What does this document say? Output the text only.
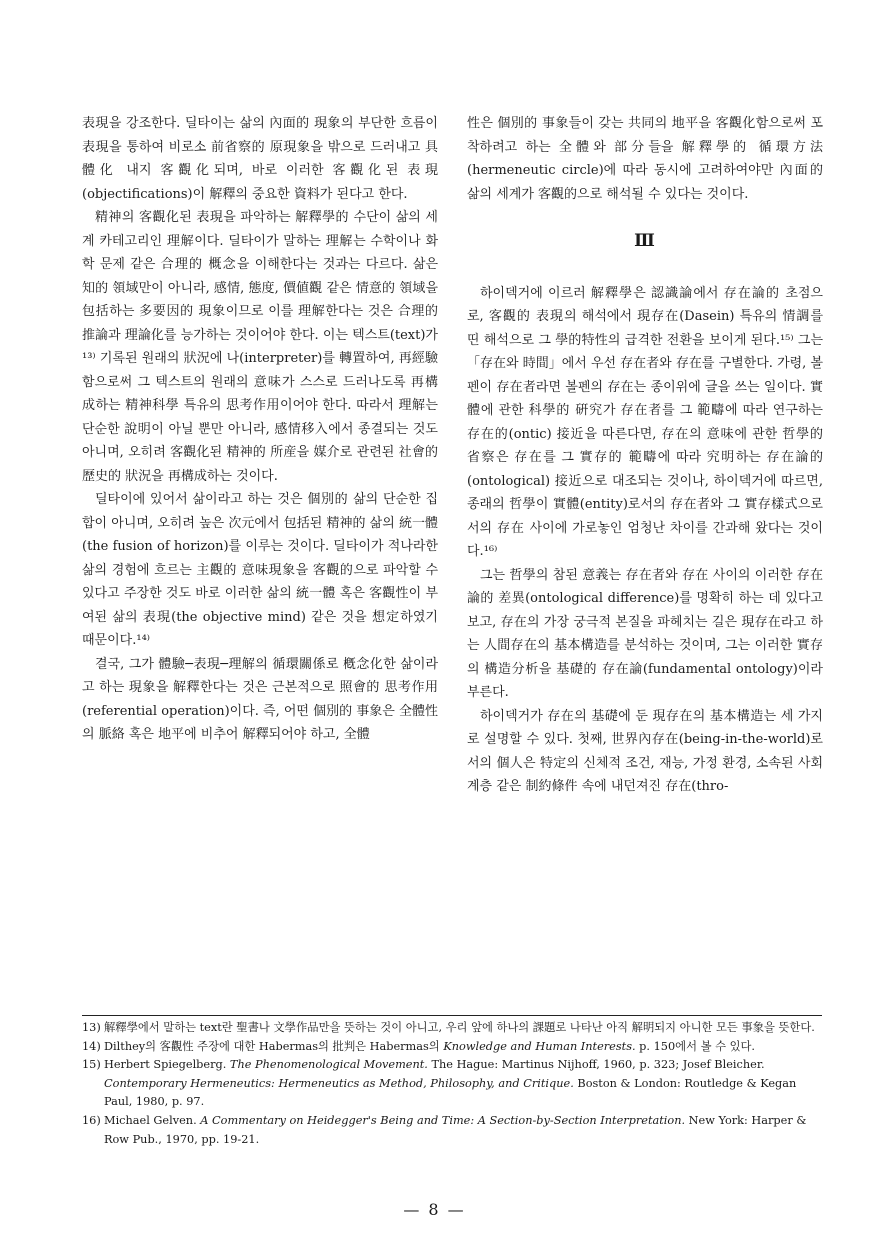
表現을 강조한다. 딜타이는 삶의 內面的 現象의 부단한 흐름이 表現을 통하여 비로소 前省察的 原現象을 밖으로 드러내고 具體化 내지 客觀化되며, 바로 이러한 客觀化된 表現(objectifications)이 解釋의 중요한 資料가 된다고 한다.

精神의 客觀化된 表現을 파악하는 解釋學的 수단이 삶의 세계 카테고리인 理解이다. 딜타이가 말하는 理解는 수학이나 화학 문제 같은 合理的 概念을 이해한다는 것과는 다르다. 삶은 知的 領域만이 아니라, 感情, 態度, 價値觀 같은 情意的 領域을 包括하는 多要因的 現象이므로 이를 理解한다는 것은 合理的 推論과 理論化를 능가하는 것이어야 한다. 이는 텍스트(text)가¹³⁾ 기록된 원래의 狀況에 나(interpreter)를 轉置하여, 再經驗함으로써 그 텍스트의 원래의 意味가 스스로 드러나도록 再構成하는 精神科學 특유의 思考作用이어야 한다. 따라서 理解는 단순한 說明이 아닐 뿐만 아니라, 感情移入에서 종결되는 것도 아니며, 오히려 客觀化된 精神的 所産을 媒介로 관련된 社會的 歷史的 狀況을 再構成하는 것이다.

딜타이에 있어서 삶이라고 하는 것은 個別的 삶의 단순한 집합이 아니며, 오히려 높은 次元에서 包括된 精神的 삶의 統一體(the fusion of horizon)를 이루는 것이다. 딜타이가 적나라한 삶의 경험에 흐르는 主觀的 意味現象을 客觀的으로 파악할 수 있다고 주장한 것도 바로 이러한 삶의 統一體 혹은 客觀性이 부여된 삶의 表現(the objective mind) 같은 것을 想定하였기 때문이다.¹⁴⁾

결국, 그가 體驗─表現─理解의 循環關係로 槪念化한 삶이라고 하는 現象을 解釋한다는 것은 근본적으로 照會的 思考作用(referential operation)이다. 즉, 어떤 個別的 事象은 全體性의 脈絡 혹은 地平에 비추어 解釋되어야 하고, 全體

性은 個別的 事象들이 갖는 共同의 地平을 客觀化함으로써 포착하려고 하는 全體와 部分들을 解釋學的 循環方法(hermeneutic circle)에 따라 동시에 고려하여야만 內面的 삶의 세계가 客觀的으로 해석될 수 있다는 것이다.

Ⅲ

하이덱거에 이르러 解釋學은 認識論에서 存在論的 초점으로, 客觀的 表現의 해석에서 現存在(Dasein) 특유의 情調를 띤 해석으로 그 學的特性의 급격한 전환을 보이게 된다.¹⁵⁾ 그는「存在와 時間」에서 우선 存在者와 存在를 구별한다. 가령, 볼펜이 存在者라면 볼펜의 存在는 종이위에 글을 쓰는 일이다. 實體에 관한 科學的 硏究가 存在者를 그 範疇에 따라 연구하는 存在的(ontic) 接近을 따른다면, 存在의 意味에 관한 哲學的 省察은 存在를 그 實存的 範疇에 따라 究明하는 存在論的(ontological) 接近으로 대조되는 것이나, 하이덱거에 따르면, 종래의 哲學이 實體(entity)로서의 存在者와 그 實存樣式으로서의 存在 사이에 가로놓인 엄청난 차이를 간과해 왔다는 것이다.¹⁶⁾

그는 哲學의 참된 意義는 存在者와 存在 사이의 이러한 存在論的 差異(ontological difference)를 명확히 하는 데 있다고 보고, 存在의 가장 궁극적 본질을 파헤치는 길은 現存在라고 하는 人間存在의 基本構造를 분석하는 것이며, 그는 이러한 實存의 構造分析을 基礎的 存在論(fundamental ontology)이라 부른다.

하이덱거가 存在의 基礎에 둔 現存在의 基本構造는 세 가지로 설명할 수 있다. 첫째, 世界內存在(being-in-the-world)로서의 個人은 特定의 신체적 조건, 재능, 가정 환경, 소속된 사회 계층 같은 制約條件 속에 내던져진 存在(thro-

13) 解釋學에서 말하는 text란 聖書나 文學作品만을 뜻하는 것이 아니고, 우리 앞에 하나의 課題로 나타난 아직 解明되지 아니한 모든 事象을 뜻한다.

14) Dilthey의 客觀性 주장에 대한 Habermas의 批判은 Habermas의 Knowledge and Human Interests. p. 150에서 볼 수 있다.

15) Herbert Spiegelberg. The Phenomenological Movement. The Hague: Martinus Nijhoff, 1960, p. 323; Josef Bleicher. Contemporary Hermeneutics: Hermeneutics as Method, Philosophy, and Critique. Boston & London: Routledge & Kegan Paul, 1980, p. 97.

16) Michael Gelven. A Commentary on Heidegger's Being and Time: A Section-by-Section Interpretation. New York: Harper & Row Pub., 1970, pp. 19-21.

— 8 —
